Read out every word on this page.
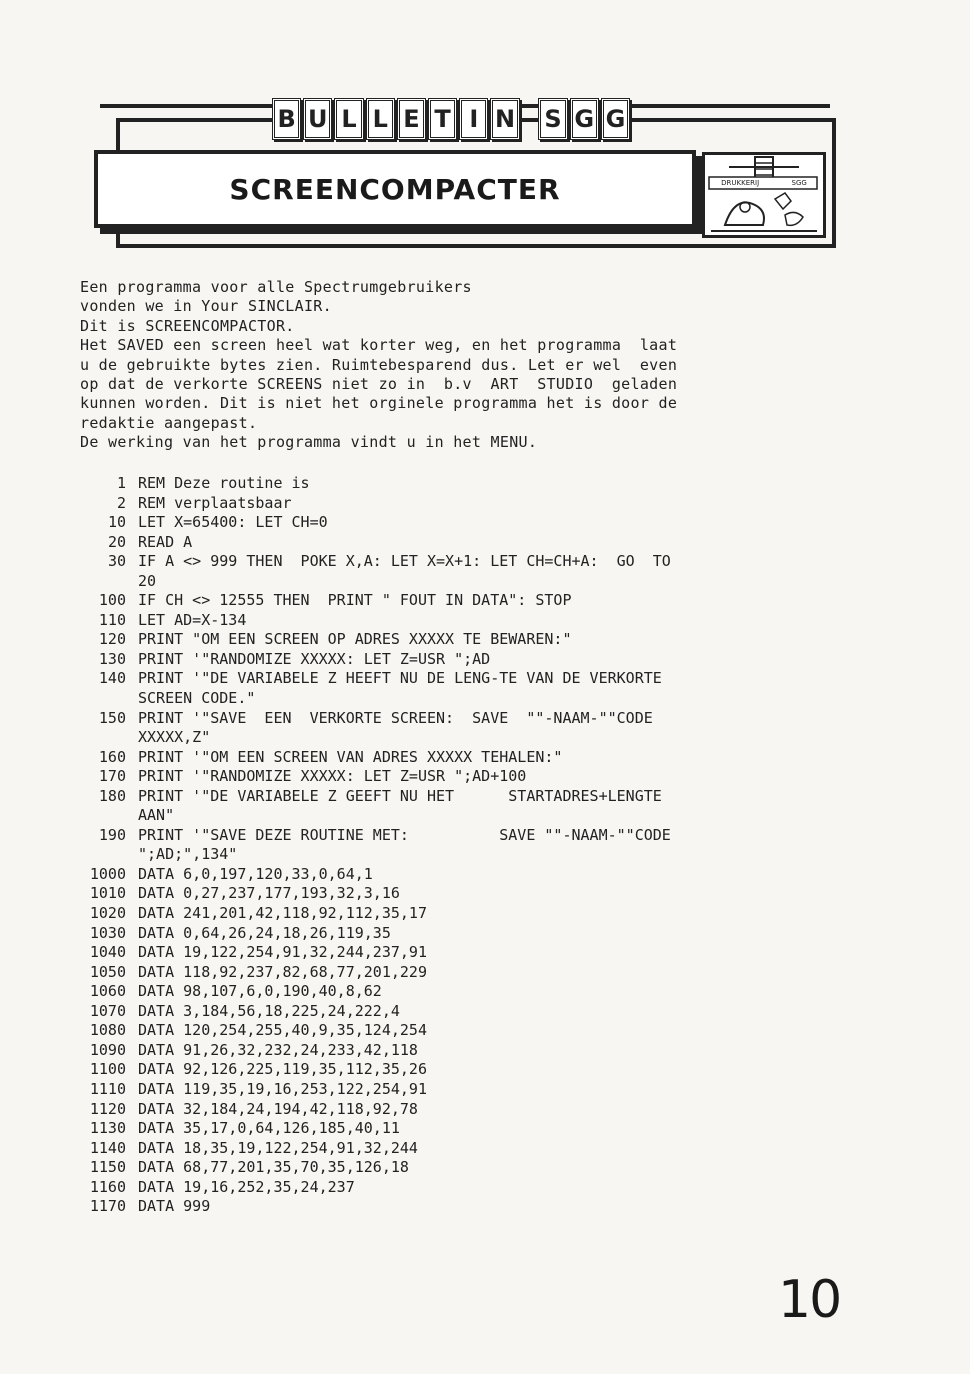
B U L L E T I N S G G
SCREENCOMPACTER	DRUKKERIJ	SGG
Een programma voor alle Spectrumgebruikers
vonden we in Your SINCLAIR.
Dit is SCREENCOMPACTOR.
Het SAVED een screen heel wat korter weg, en het programma  laat
u de gebruikte bytes zien. Ruimtebesparend dus. Let er wel  even
op dat de verkorte SCREENS niet zo in  b.v  ART  STUDIO  geladen
kunnen worden. Dit is niet het orginele programma het is door de
redaktie aangepast.
De werking van het programma vindt u in het MENU.
1 REM Deze routine is
2 REM verplaatsbaar
10 LET X=65400: LET CH=0
20 READ A
30 IF A <> 999 THEN  POKE X,A: LET X=X+1: LET CH=CH+A:  GO  TO
20
100 IF CH <> 12555 THEN  PRINT " FOUT IN DATA": STOP
110 LET AD=X-134
120 PRINT "OM EEN SCREEN OP ADRES XXXXX TE BEWAREN:"
130 PRINT '"RANDOMIZE XXXXX: LET Z=USR ";AD
140 PRINT '"DE VARIABELE Z HEEFT NU DE LENG-TE VAN DE VERKORTE
SCREEN CODE."
150 PRINT '"SAVE  EEN  VERKORTE SCREEN:  SAVE  ""-NAAM-""CODE
XXXXX,Z"
160 PRINT '"OM EEN SCREEN VAN ADRES XXXXX TEHALEN:"
170 PRINT '"RANDOMIZE XXXXX: LET Z=USR ";AD+100
180 PRINT '"DE VARIABELE Z GEEFT NU HET      STARTADRES+LENGTE
AAN"
190 PRINT '"SAVE DEZE ROUTINE MET:          SAVE ""-NAAM-""CODE
";AD;",134"
1000 DATA 6,0,197,120,33,0,64,1
1010 DATA 0,27,237,177,193,32,3,16
1020 DATA 241,201,42,118,92,112,35,17
1030 DATA 0,64,26,24,18,26,119,35
1040 DATA 19,122,254,91,32,244,237,91
1050 DATA 118,92,237,82,68,77,201,229
1060 DATA 98,107,6,0,190,40,8,62
1070 DATA 3,184,56,18,225,24,222,4
1080 DATA 120,254,255,40,9,35,124,254
1090 DATA 91,26,32,232,24,233,42,118
1100 DATA 92,126,225,119,35,112,35,26
1110 DATA 119,35,19,16,253,122,254,91
1120 DATA 32,184,24,194,42,118,92,78
1130 DATA 35,17,0,64,126,185,40,11
1140 DATA 18,35,19,122,254,91,32,244
1150 DATA 68,77,201,35,70,35,126,18
1160 DATA 19,16,252,35,24,237
1170 DATA 999
10
